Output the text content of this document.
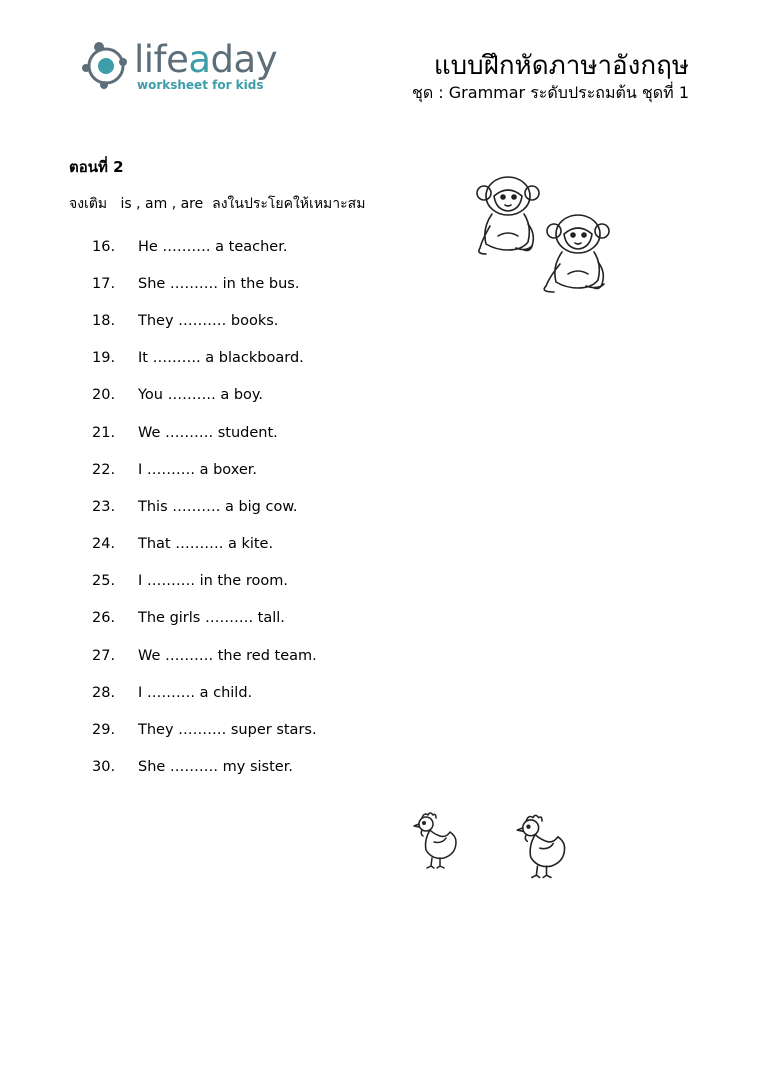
lifeaday
worksheet for kids
แบบฝึกหัดภาษาอังกฤษ
ชุด : Grammar ระดับประถมต้น ชุดที่ 1
ตอนที่ 2
จงเติม   is , am , are  ลงในประโยคให้เหมาะสม
16.	He ………. a teacher.
17.	She ………. in the bus.
18.	They ………. books.
19.	It ………. a blackboard.
20.	You ………. a boy.
21.	We ………. student.
22.	I ………. a boxer.
23.	This ………. a big cow.
24.	That ………. a kite.
25.	I ………. in the room.
26.	The girls ………. tall.
27.	We ………. the red team.
28.	I ………. a child.
29.	They ………. super stars.
30.	She ………. my sister.
